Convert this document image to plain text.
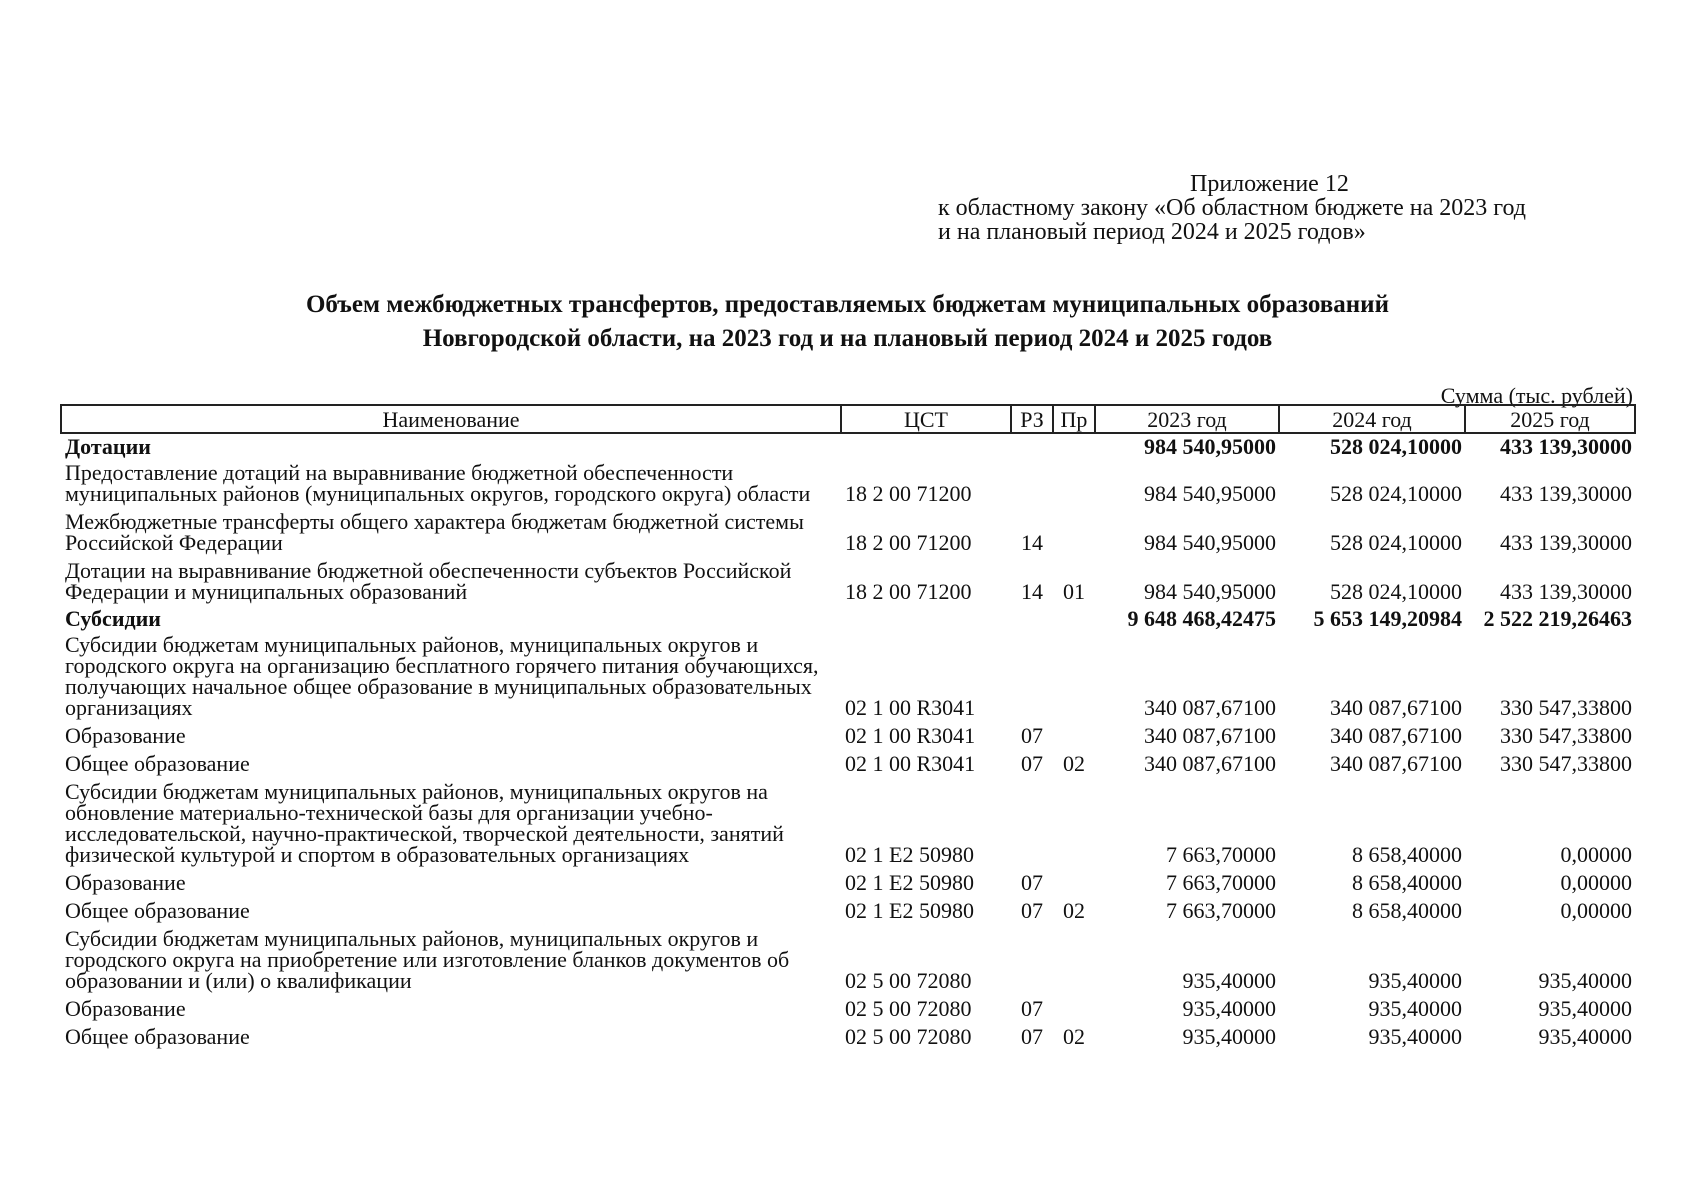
Приложение 12
к областному закону «Об областном бюджете на 2023 год
и на плановый период 2024 и 2025 годов»
Объем межбюджетных трансфертов, предоставляемых бюджетам муниципальных образований
Новгородской области, на 2023 год и на плановый период 2024 и 2025 годов
Сумма (тыс. рублей)
Наименование	ЦСТ	РЗ	Пр	2023 год	2024 год	2025 год
Дотации				984 540,95000	528 024,10000	433 139,30000
Предоставление дотаций на выравнивание бюджетной обеспеченности муниципальных районов (муниципальных округов, городского округа) области	18 2 00 71200			984 540,95000	528 024,10000	433 139,30000
Межбюджетные трансферты общего характера бюджетам бюджетной системы Российской Федерации	18 2 00 71200	14		984 540,95000	528 024,10000	433 139,30000
Дотации на выравнивание бюджетной обеспеченности субъектов Российской Федерации и муниципальных образований	18 2 00 71200	14	01	984 540,95000	528 024,10000	433 139,30000
Субсидии				9 648 468,42475	5 653 149,20984	2 522 219,26463
Субсидии бюджетам муниципальных районов, муниципальных округов и городского округа на организацию бесплатного горячего питания обучающихся, получающих начальное общее образование в муниципальных образовательных организациях	02 1 00 R3041			340 087,67100	340 087,67100	330 547,33800
Образование	02 1 00 R3041	07		340 087,67100	340 087,67100	330 547,33800
Общее образование	02 1 00 R3041	07	02	340 087,67100	340 087,67100	330 547,33800
Субсидии бюджетам муниципальных районов, муниципальных округов на обновление материально-технической базы для организации учебно-исследовательской, научно-практической, творческой деятельности, занятий физической культурой и спортом в образовательных организациях	02 1 E2 50980			7 663,70000	8 658,40000	0,00000
Образование	02 1 E2 50980	07		7 663,70000	8 658,40000	0,00000
Общее образование	02 1 E2 50980	07	02	7 663,70000	8 658,40000	0,00000
Субсидии бюджетам муниципальных районов, муниципальных округов и городского округа на приобретение или изготовление бланков документов об образовании и (или) о квалификации	02 5 00 72080			935,40000	935,40000	935,40000
Образование	02 5 00 72080	07		935,40000	935,40000	935,40000
Общее образование	02 5 00 72080	07	02	935,40000	935,40000	935,40000
